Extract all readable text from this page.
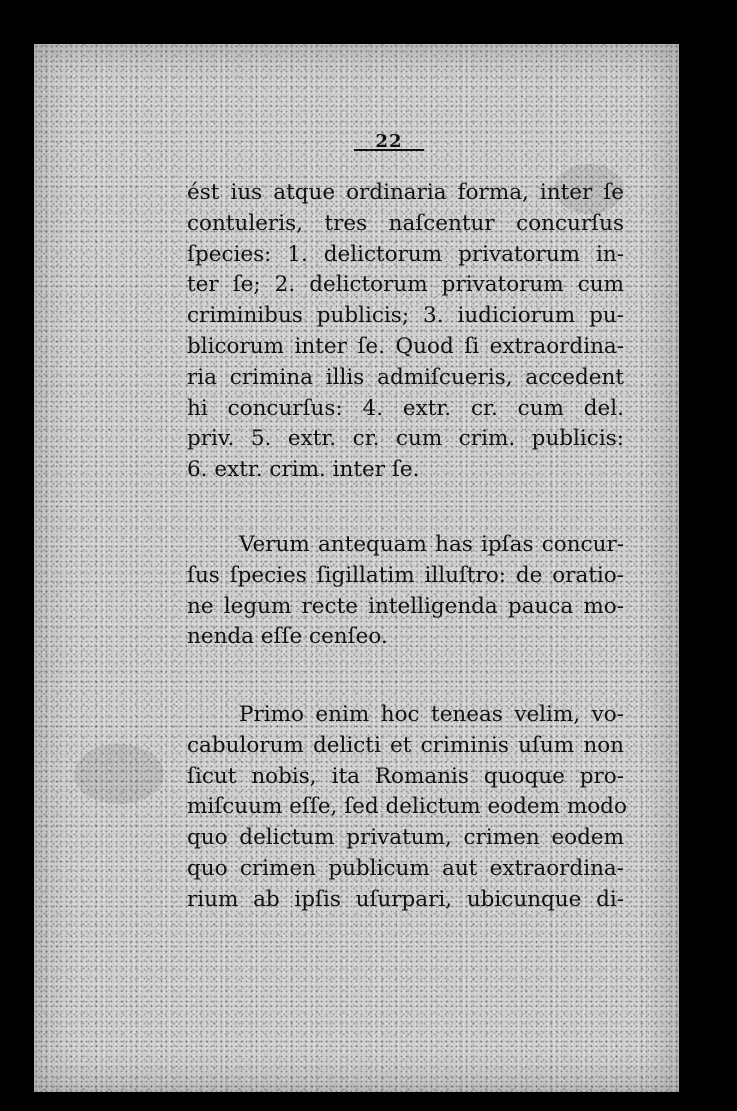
22

ést ius atque ordinaria forma, inter ſe
contuleris, tres naſcentur concurſus
ſpecies: 1. delictorum privatorum in-
ter ſe; 2. delictorum privatorum cum
criminibus publicis; 3. iudiciorum pu-
blicorum inter ſe. Quod ſi extraordina-
ria crimina illis admiſcueris, accedent
hi concurſus: 4. extr. cr. cum del.
priv. 5. extr. cr. cum crim. publicis:
6. extr. crim. inter ſe.

Verum antequam has ipſas concur-
ſus ſpecies ſigillatim illuſtro: de oratio-
ne legum recte intelligenda pauca mo-
nenda eſſe cenſeo.

Primo enim hoc teneas velim, vo-
cabulorum delicti et criminis uſum non
ſicut nobis, ita Romanis quoque pro-
miſcuum eſſe, ſed delictum eodem modo
quo delictum privatum, crimen eodem
quo crimen publicum aut extraordina-
rium ab ipſis uſurpari, ubicunque di-
